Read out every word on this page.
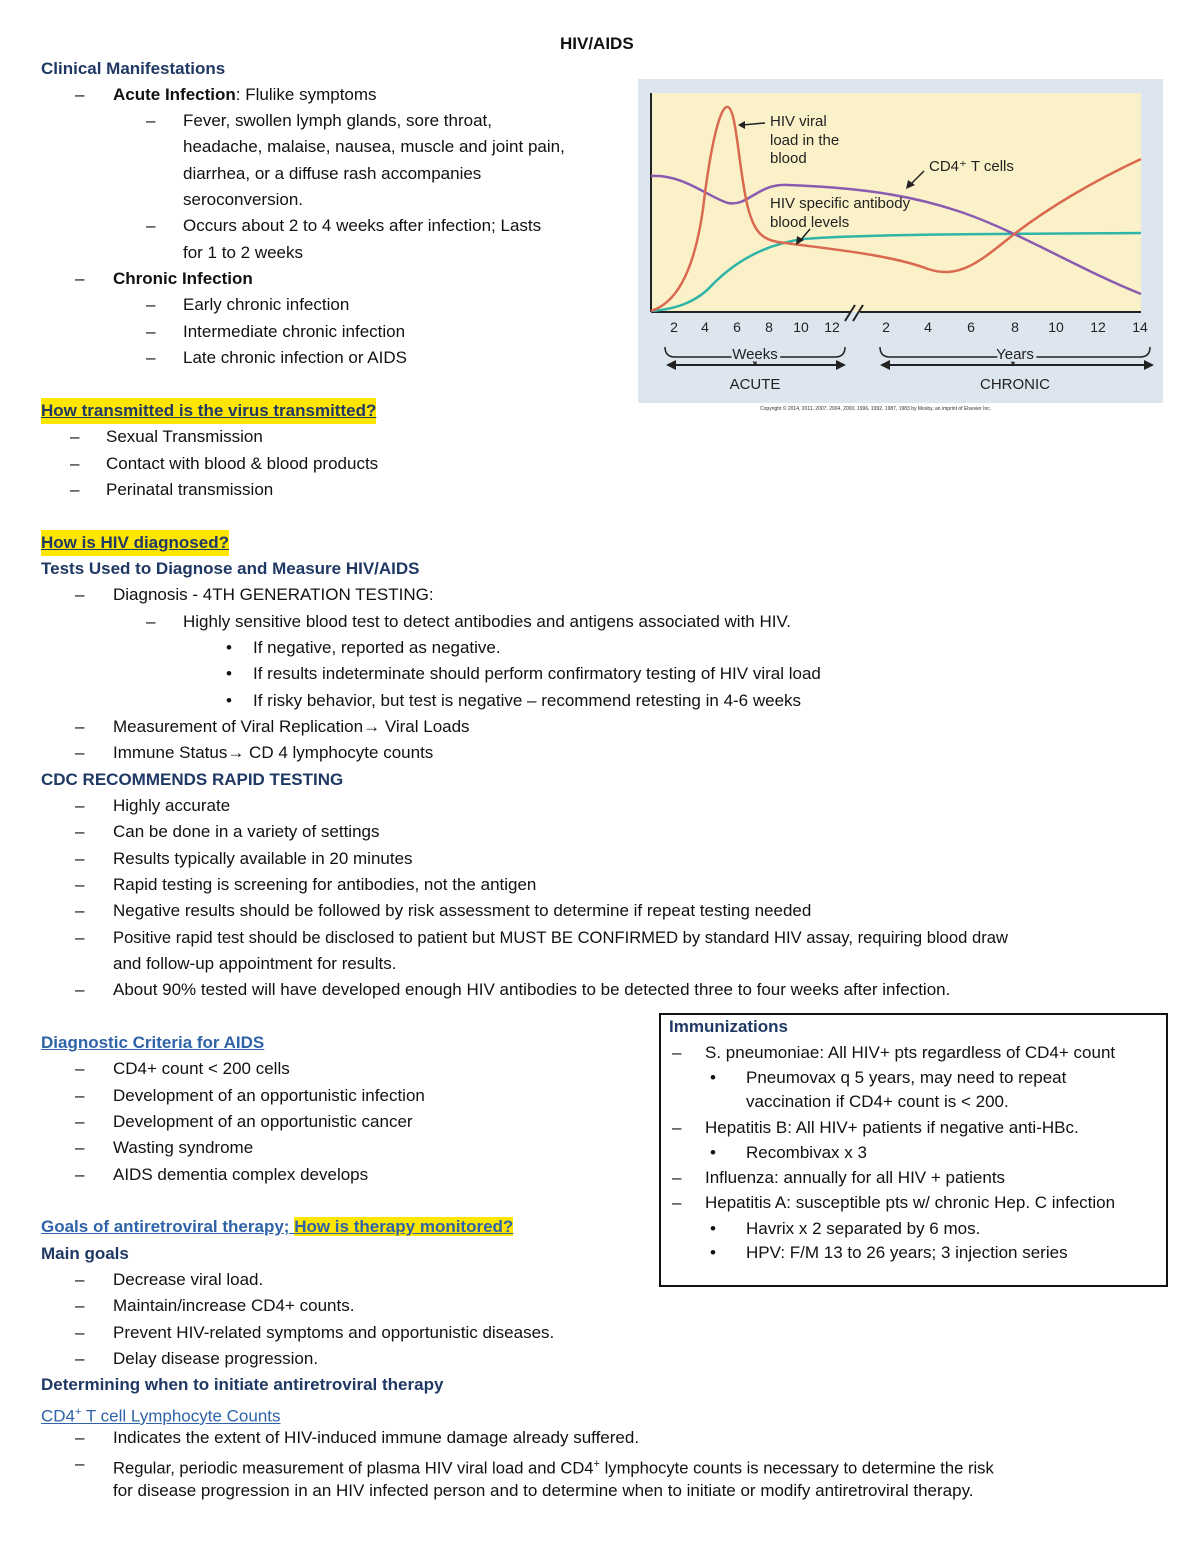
HIV/AIDS
Clinical Manifestations
– Acute Infection: Flulike symptoms
– Fever, swollen lymph glands, sore throat,
headache, malaise, nausea, muscle and joint pain,
diarrhea, or a diffuse rash accompanies
seroconversion.
– Occurs about 2 to 4 weeks after infection; Lasts
for 1 to 2 weeks
– Chronic Infection
– Early chronic infection
– Intermediate chronic infection
– Late chronic infection or AIDS
How transmitted is the virus transmitted?
– Sexual Transmission
– Contact with blood & blood products
– Perinatal transmission
How is HIV diagnosed?
Tests Used to Diagnose and Measure HIV/AIDS
– Diagnosis - 4TH GENERATION TESTING:
– Highly sensitive blood test to detect antibodies and antigens associated with HIV.
• If negative, reported as negative.
• If results indeterminate should perform confirmatory testing of HIV viral load
• If risky behavior, but test is negative – recommend retesting in 4-6 weeks
– Measurement of Viral Replication→ Viral Loads
– Immune Status→ CD 4 lymphocyte counts
CDC RECOMMENDS RAPID TESTING
– Highly accurate
– Can be done in a variety of settings
– Results typically available in 20 minutes
– Rapid testing is screening for antibodies, not the antigen
– Negative results should be followed by risk assessment to determine if repeat testing needed
– Positive rapid test should be disclosed to patient but MUST BE CONFIRMED by standard HIV assay, requiring blood draw
and follow-up appointment for results.
– About 90% tested will have developed enough HIV antibodies to be detected three to four weeks after infection.
Diagnostic Criteria for AIDS
– CD4+ count < 200 cells
– Development of an opportunistic infection
– Development of an opportunistic cancer
– Wasting syndrome
– AIDS dementia complex develops
Goals of antiretroviral therapy; How is therapy monitored?
Main goals
– Decrease viral load.
– Maintain/increase CD4+ counts.
– Prevent HIV-related symptoms and opportunistic diseases.
– Delay disease progression.
Determining when to initiate antiretroviral therapy
CD4+ T cell Lymphocyte Counts
– Indicates the extent of HIV-induced immune damage already suffered.
– Regular, periodic measurement of plasma HIV viral load and CD4+ lymphocyte counts is necessary to determine the risk
for disease progression in an HIV infected person and to determine when to initiate or modify antiretroviral therapy.
Immunizations
– S. pneumoniae: All HIV+ pts regardless of CD4+ count
• Pneumovax q 5 years, may need to repeat
vaccination if CD4+ count is < 200.
– Hepatitis B: All HIV+ patients if negative anti-HBc.
• Recombivax x 3
– Influenza: annually for all HIV + patients
– Hepatitis A: susceptible pts w/ chronic Hep. C infection
• Havrix x 2 separated by 6 mos.
• HPV: F/M 13 to 26 years; 3 injection series
HIV viral
load in the
blood	CD4⁺ T cells
HIV specific antibody
blood levels
2 4 6 8 10 12	2 4	6	8 10 12 14
Weeks	Years
ACUTE	CHRONIC
Copyright © 2014, 2011, 2007, 2004, 2000, 1996, 1992, 1987, 1983 by Mosby, an imprint of Elsevier Inc.
